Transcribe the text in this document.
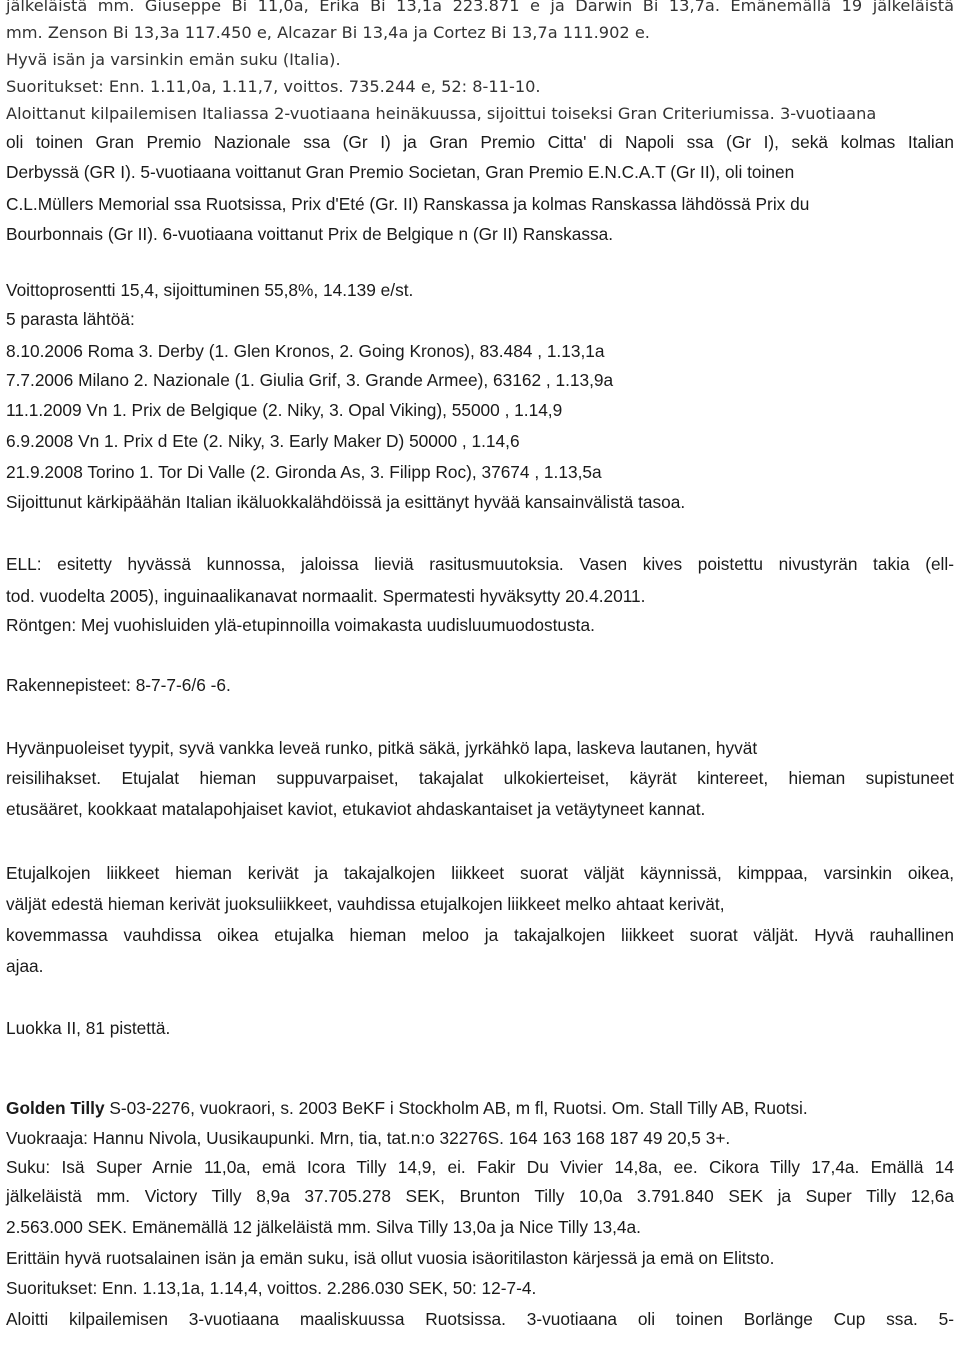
jälkeläistä mm. Giuseppe Bi 11,0a, Erika Bi 13,1a 223.871 e ja Darwin Bi 13,7a. Emänemällä 19 jälkeläistä
mm. Zenson Bi 13,3a 117.450 e, Alcazar Bi 13,4a ja Cortez Bi 13,7a 111.902 e.
Hyvä isän ja varsinkin emän suku (Italia).
Suoritukset: Enn. 1.11,0a, 1.11,7, voittos. 735.244 e, 52: 8-11-10.
Aloittanut kilpailemisen Italiassa 2-vuotiaana heinäkuussa, sijoittui toiseksi Gran Criteriumissa. 3-vuotiaana
oli toinen Gran Premio Nazionale ssa (Gr I) ja Gran Premio Citta' di Napoli ssa (Gr I), sekä kolmas Italian
Derbyssä (GR I). 5-vuotiaana voittanut Gran Premio Societan, Gran Premio E.N.C.A.T (Gr II), oli toinen
C.L.Müllers Memorial ssa Ruotsissa, Prix d'Eté (Gr. II) Ranskassa ja kolmas Ranskassa lähdössä Prix du
Bourbonnais (Gr II). 6-vuotiaana voittanut Prix de Belgique n (Gr II) Ranskassa.
Voittoprosentti 15,4, sijoittuminen 55,8%, 14.139 e/st.
5 parasta lähtöä:
8.10.2006 Roma 3. Derby (1. Glen Kronos, 2. Going Kronos), 83.484 , 1.13,1a
7.7.2006 Milano 2. Nazionale (1. Giulia Grif, 3. Grande Armee), 63162 , 1.13,9a
11.1.2009 Vn 1. Prix de Belgique (2. Niky, 3. Opal Viking), 55000 , 1.14,9
6.9.2008 Vn 1. Prix d Ete (2. Niky, 3. Early Maker D) 50000 , 1.14,6
21.9.2008 Torino 1. Tor Di Valle (2. Gironda As, 3. Filipp Roc), 37674 , 1.13,5a
Sijoittunut kärkipäähän Italian ikäluokkalähdöissä ja esittänyt hyvää kansainvälistä tasoa.
ELL: esitetty hyvässä kunnossa, jaloissa lieviä rasitusmuutoksia. Vasen kives poistettu nivustyrän takia (ell-
tod. vuodelta 2005), inguinaalikanavat normaalit. Spermatesti hyväksytty 20.4.2011.
Röntgen: Mej vuohisluiden ylä-etupinnoilla voimakasta uudisluumuodostusta.
Rakennepisteet: 8-7-7-6/6 -6.
Hyvänpuoleiset tyypit, syvä vankka leveä runko, pitkä säkä, jyrkähkö lapa, laskeva lautanen, hyvät
reisilihakset. Etujalat hieman suppuvarpaiset, takajalat ulkokierteiset, käyrät kintereet, hieman supistuneet
etusääret, kookkaat matalapohjaiset kaviot, etukaviot ahdaskantaiset ja vetäytyneet kannat.
Etujalkojen liikkeet hieman kerivät ja takajalkojen liikkeet suorat väljät käynnissä, kimppaa, varsinkin oikea,
väljät edestä hieman kerivät juoksuliikkeet, vauhdissa etujalkojen liikkeet melko ahtaat kerivät,
kovemmassa vauhdissa oikea etujalka hieman meloo ja takajalkojen liikkeet suorat väljät. Hyvä rauhallinen
ajaa.
Luokka II, 81 pistettä.
Golden Tilly S-03-2276, vuokraori, s. 2003 BeKF i Stockholm AB, m fl, Ruotsi. Om. Stall Tilly AB, Ruotsi.
Vuokraaja: Hannu Nivola, Uusikaupunki. Mrn, tia, tat.n:o 32276S. 164 163 168 187 49 20,5 3+.
Suku: Isä Super Arnie 11,0a, emä Icora Tilly 14,9, ei. Fakir Du Vivier 14,8a, ee. Cikora Tilly 17,4a. Emällä 14
jälkeläistä mm. Victory Tilly 8,9a 37.705.278 SEK, Brunton Tilly 10,0a 3.791.840 SEK ja Super Tilly 12,6a
2.563.000 SEK. Emänemällä 12 jälkeläistä mm. Silva Tilly 13,0a ja Nice Tilly 13,4a.
Erittäin hyvä ruotsalainen isän ja emän suku, isä ollut vuosia isäoritilaston kärjessä ja emä on Elitsto.
Suoritukset: Enn. 1.13,1a, 1.14,4, voittos. 2.286.030 SEK, 50: 12-7-4.
Aloitti kilpailemisen 3-vuotiaana maaliskuussa Ruotsissa. 3-vuotiaana oli toinen Borlänge Cup ssa. 5-
